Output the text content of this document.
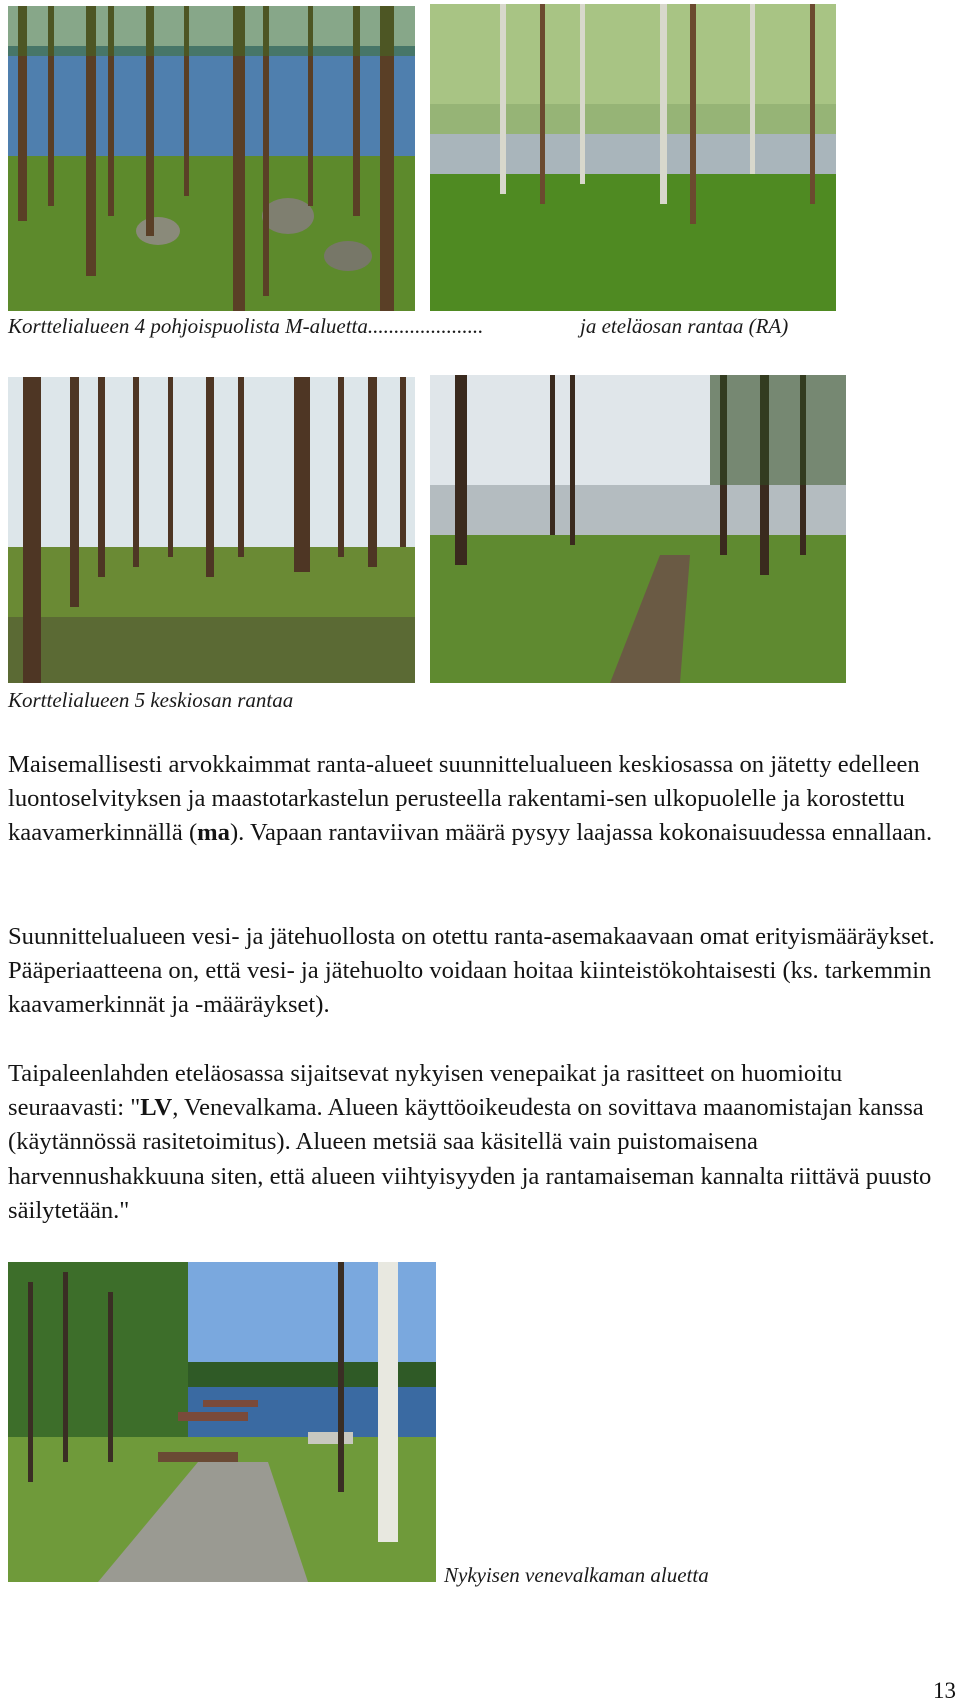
Korttelialueen 4 pohjoispuolista M-aluetta......................	ja eteläosan rantaa (RA)
Korttelialueen 5 keskiosan rantaa

Maisemallisesti arvokkaimmat ranta-alueet suunnittelualueen keskiosassa on jätetty edelleen luontoselvityksen ja maastotarkastelun perusteella rakentami-sen ulkopuolelle ja korostettu kaavamerkinnällä (ma). Vapaan rantaviivan määrä pysyy laajassa kokonaisuudessa ennallaan.

Suunnittelualueen vesi- ja jätehuollosta on otettu ranta-asemakaavaan omat erityismääräykset. Pääperiaatteena on, että vesi- ja jätehuolto voidaan hoitaa kiinteistökohtaisesti (ks. tarkemmin kaavamerkinnät ja -määräykset).

Taipaleenlahden eteläosassa sijaitsevat nykyisen venepaikat ja rasitteet on huomioitu seuraavasti: "LV, Venevalkama. Alueen käyttöoikeudesta on sovittava maanomistajan kanssa (käytännössä rasitetoimitus). Alueen metsiä saa käsitellä vain puistomaisena harvennushakkuuna siten, että alueen viihtyisyyden ja rantamaiseman kannalta riittävä puusto säilytetään."

Nykyisen venevalkaman aluetta
13
